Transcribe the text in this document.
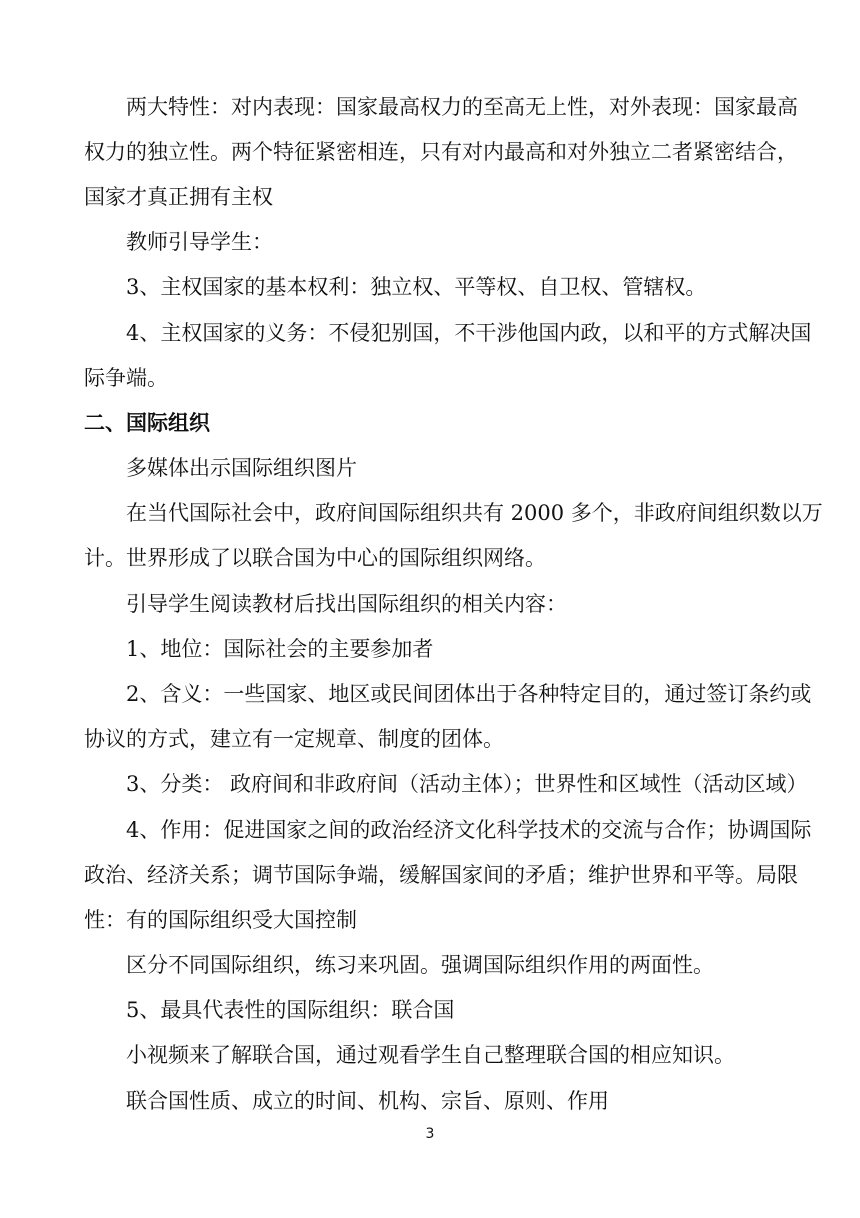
两大特性：对内表现：国家最高权力的至高无上性，对外表现：国家最高
权力的独立性。两个特征紧密相连，只有对内最高和对外独立二者紧密结合，
国家才真正拥有主权
教师引导学生：
3、主权国家的基本权利：独立权、平等权、自卫权、管辖权。
4、主权国家的义务：不侵犯别国，不干涉他国内政，以和平的方式解决国
际争端。
二、国际组织
多媒体出示国际组织图片
在当代国际社会中，政府间国际组织共有 2000 多个，非政府间组织数以万
计。世界形成了以联合国为中心的国际组织网络。
引导学生阅读教材后找出国际组织的相关内容：
1、地位：国际社会的主要参加者
2、含义：一些国家、地区或民间团体出于各种特定目的，通过签订条约或
协议的方式，建立有一定规章、制度的团体。
3、分类： 政府间和非政府间（活动主体）；世界性和区域性（活动区域）
4、作用：促进国家之间的政治经济文化科学技术的交流与合作；协调国际
政治、经济关系；调节国际争端，缓解国家间的矛盾；维护世界和平等。局限
性：有的国际组织受大国控制
区分不同国际组织，练习来巩固。强调国际组织作用的两面性。
5、最具代表性的国际组织：联合国
小视频来了解联合国，通过观看学生自己整理联合国的相应知识。
联合国性质、成立的时间、机构、宗旨、原则、作用
3
